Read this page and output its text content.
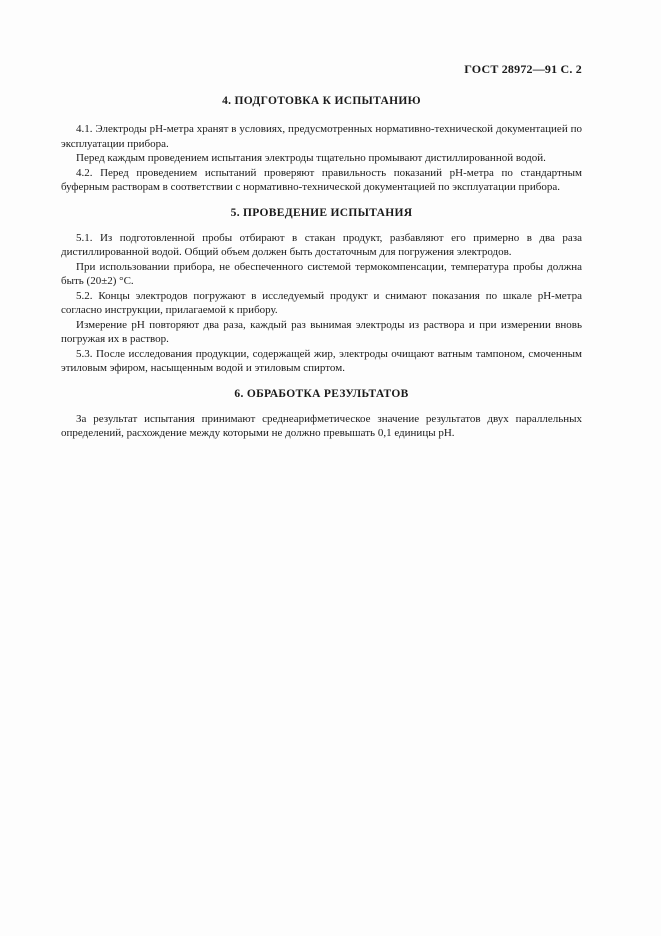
ГОСТ 28972—91 С. 2
4. ПОДГОТОВКА К ИСПЫТАНИЮ

4.1. Электроды pH-метра хранят в условиях, предусмотренных нормативно-технической документацией по эксплуатации прибора.

Перед каждым проведением испытания электроды тщательно промывают дистиллированной водой.

4.2. Перед проведением испытаний проверяют правильность показаний pH-метра по стандартным буферным растворам в соответствии с нормативно-технической документацией по эксплуатации прибора.

5. ПРОВЕДЕНИЕ ИСПЫТАНИЯ

5.1. Из подготовленной пробы отбирают в стакан продукт, разбавляют его примерно в два раза дистиллированной водой. Общий объем должен быть достаточным для погружения электродов.

При использовании прибора, не обеспеченного системой термокомпенсации, температура пробы должна быть (20±2) °С.

5.2. Концы электродов погружают в исследуемый продукт и снимают показания по шкале pH-метра согласно инструкции, прилагаемой к прибору.

Измерение pH повторяют два раза, каждый раз вынимая электроды из раствора и при измерении вновь погружая их в раствор.

5.3. После исследования продукции, содержащей жир, электроды очищают ватным тампоном, смоченным этиловым эфиром, насыщенным водой и этиловым спиртом.

6. ОБРАБОТКА РЕЗУЛЬТАТОВ

За результат испытания принимают среднеарифметическое значение результатов двух параллельных определений, расхождение между которыми не должно превышать 0,1 единицы pH.
